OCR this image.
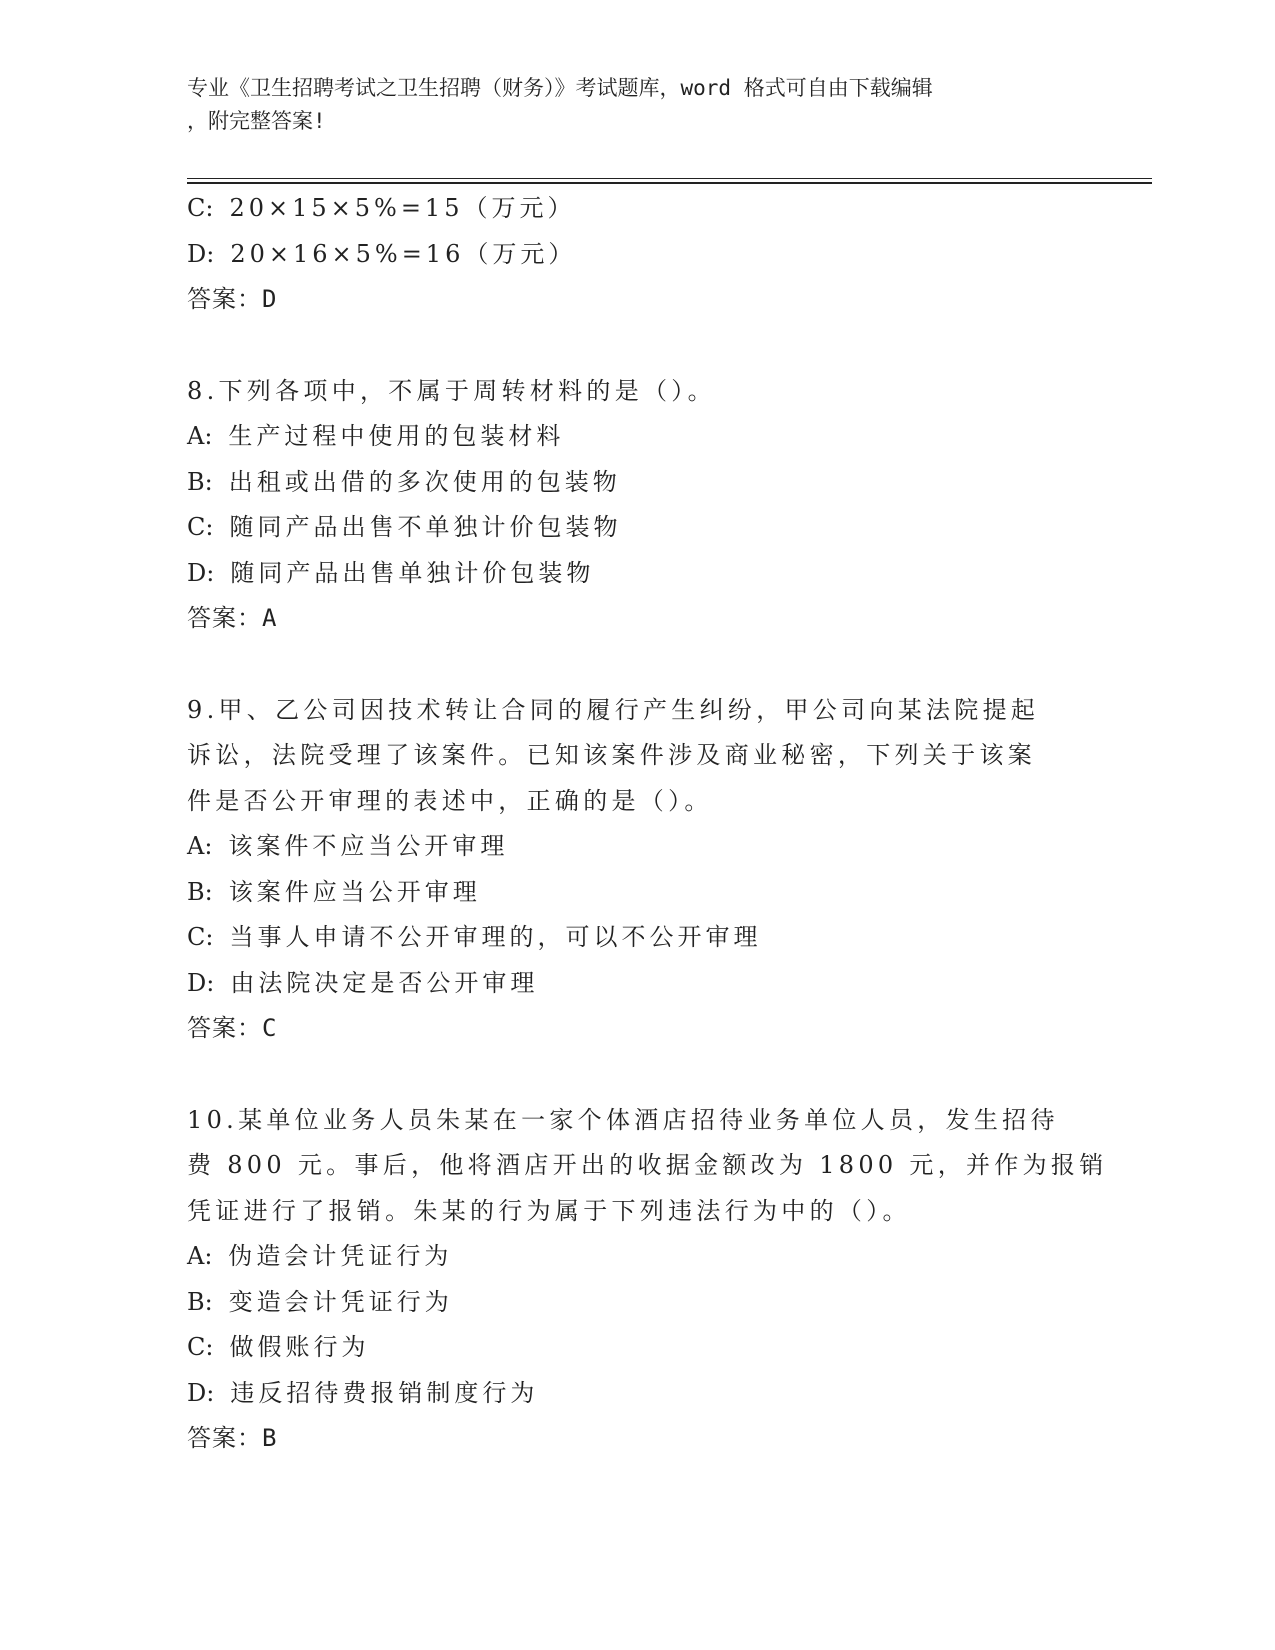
专业《卫生招聘考试之卫生招聘（财务）》考试题库，word 格式可自由下载编辑
，附完整答案!
C: 20×15×5%=15（万元）
D: 20×16×5%=16（万元）
答案：D
8.下列各项中，不属于周转材料的是（）。
A: 生产过程中使用的包装材料
B: 出租或出借的多次使用的包装物
C: 随同产品出售不单独计价包装物
D: 随同产品出售单独计价包装物
答案：A
9.甲、乙公司因技术转让合同的履行产生纠纷，甲公司向某法院提起
诉讼，法院受理了该案件。已知该案件涉及商业秘密，下列关于该案
件是否公开审理的表述中，正确的是（）。
A: 该案件不应当公开审理
B: 该案件应当公开审理
C: 当事人申请不公开审理的，可以不公开审理
D: 由法院决定是否公开审理
答案：C
10.某单位业务人员朱某在一家个体酒店招待业务单位人员，发生招待
费 800 元。事后，他将酒店开出的收据金额改为 1800 元，并作为报销
凭证进行了报销。朱某的行为属于下列违法行为中的（）。
A: 伪造会计凭证行为
B: 变造会计凭证行为
C: 做假账行为
D: 违反招待费报销制度行为
答案：B
